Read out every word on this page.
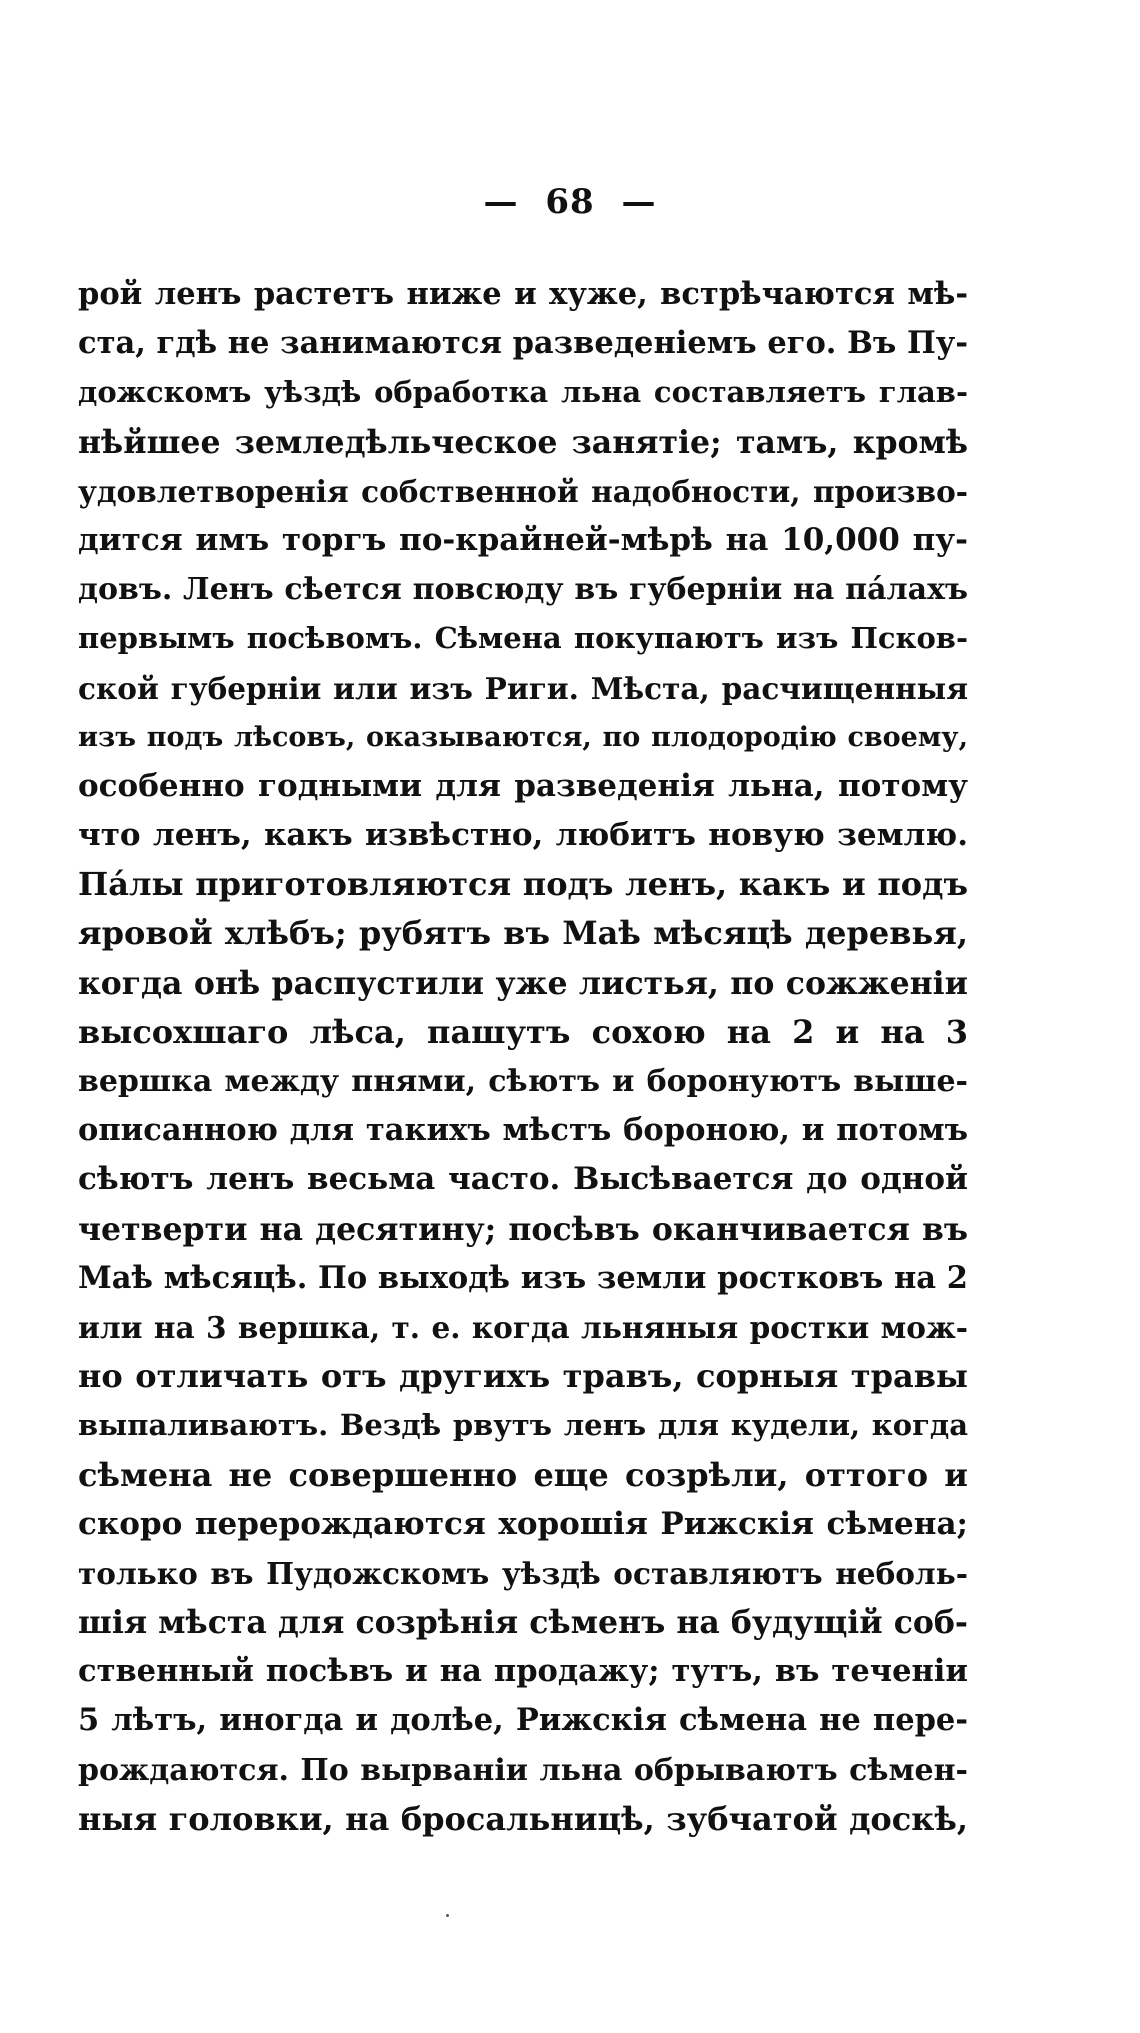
— 68 —
рой ленъ растетъ ниже и хуже, встрѣчаются мѣ-
ста, гдѣ не занимаются разведеніемъ его. Въ Пу-
дожскомъ уѣздѣ обработка льна составляетъ глав-
нѣйшее земледѣльческое занятіе; тамъ, кромѣ
удовлетворенія собственной надобности, произво-
дится имъ торгъ по-крайней-мѣрѣ на 10,000 пу-
довъ. Ленъ сѣется повсюду въ губерніи на пáлахъ
первымъ посѣвомъ. Сѣмена покупаютъ изъ Псков-
ской губерніи или изъ Риги. Мѣста, расчищенныя
изъ подъ лѣсовъ, оказываются, по плодородію своему,
особенно годными для разведенія льна, потому
что ленъ, какъ извѣстно, любитъ новую землю.
Пáлы приготовляются подъ ленъ, какъ и подъ
яровой хлѣбъ; рубятъ въ Маѣ мѣсяцѣ деревья,
когда онѣ распустили уже листья, по сожженіи
высохшаго лѣса, пашутъ сохою на 2 и на 3
вершка между пнями, сѣютъ и боронуютъ выше-
описанною для такихъ мѣстъ бороною, и потомъ
сѣютъ ленъ весьма часто. Высѣвается до одной
четверти на десятину; посѣвъ оканчивается въ
Маѣ мѣсяцѣ. По выходѣ изъ земли ростковъ на 2
или на 3 вершка, т. е. когда льняныя ростки мож-
но отличать отъ другихъ травъ, сорныя травы
выпаливаютъ. Вездѣ рвутъ ленъ для кудели, когда
сѣмена не совершенно еще созрѣли, оттого и
скоро перерождаются хорошія Рижскія сѣмена;
только въ Пудожскомъ уѣздѣ оставляютъ неболь-
шія мѣста для созрѣнія сѣменъ на будущій соб-
ственный посѣвъ и на продажу; тутъ, въ теченіи
5 лѣтъ, иногда и долѣе, Рижскія сѣмена не пере-
рождаются. По вырваніи льна обрываютъ сѣмен-
ныя головки, на бросальницѣ, зубчатой доскѣ,
